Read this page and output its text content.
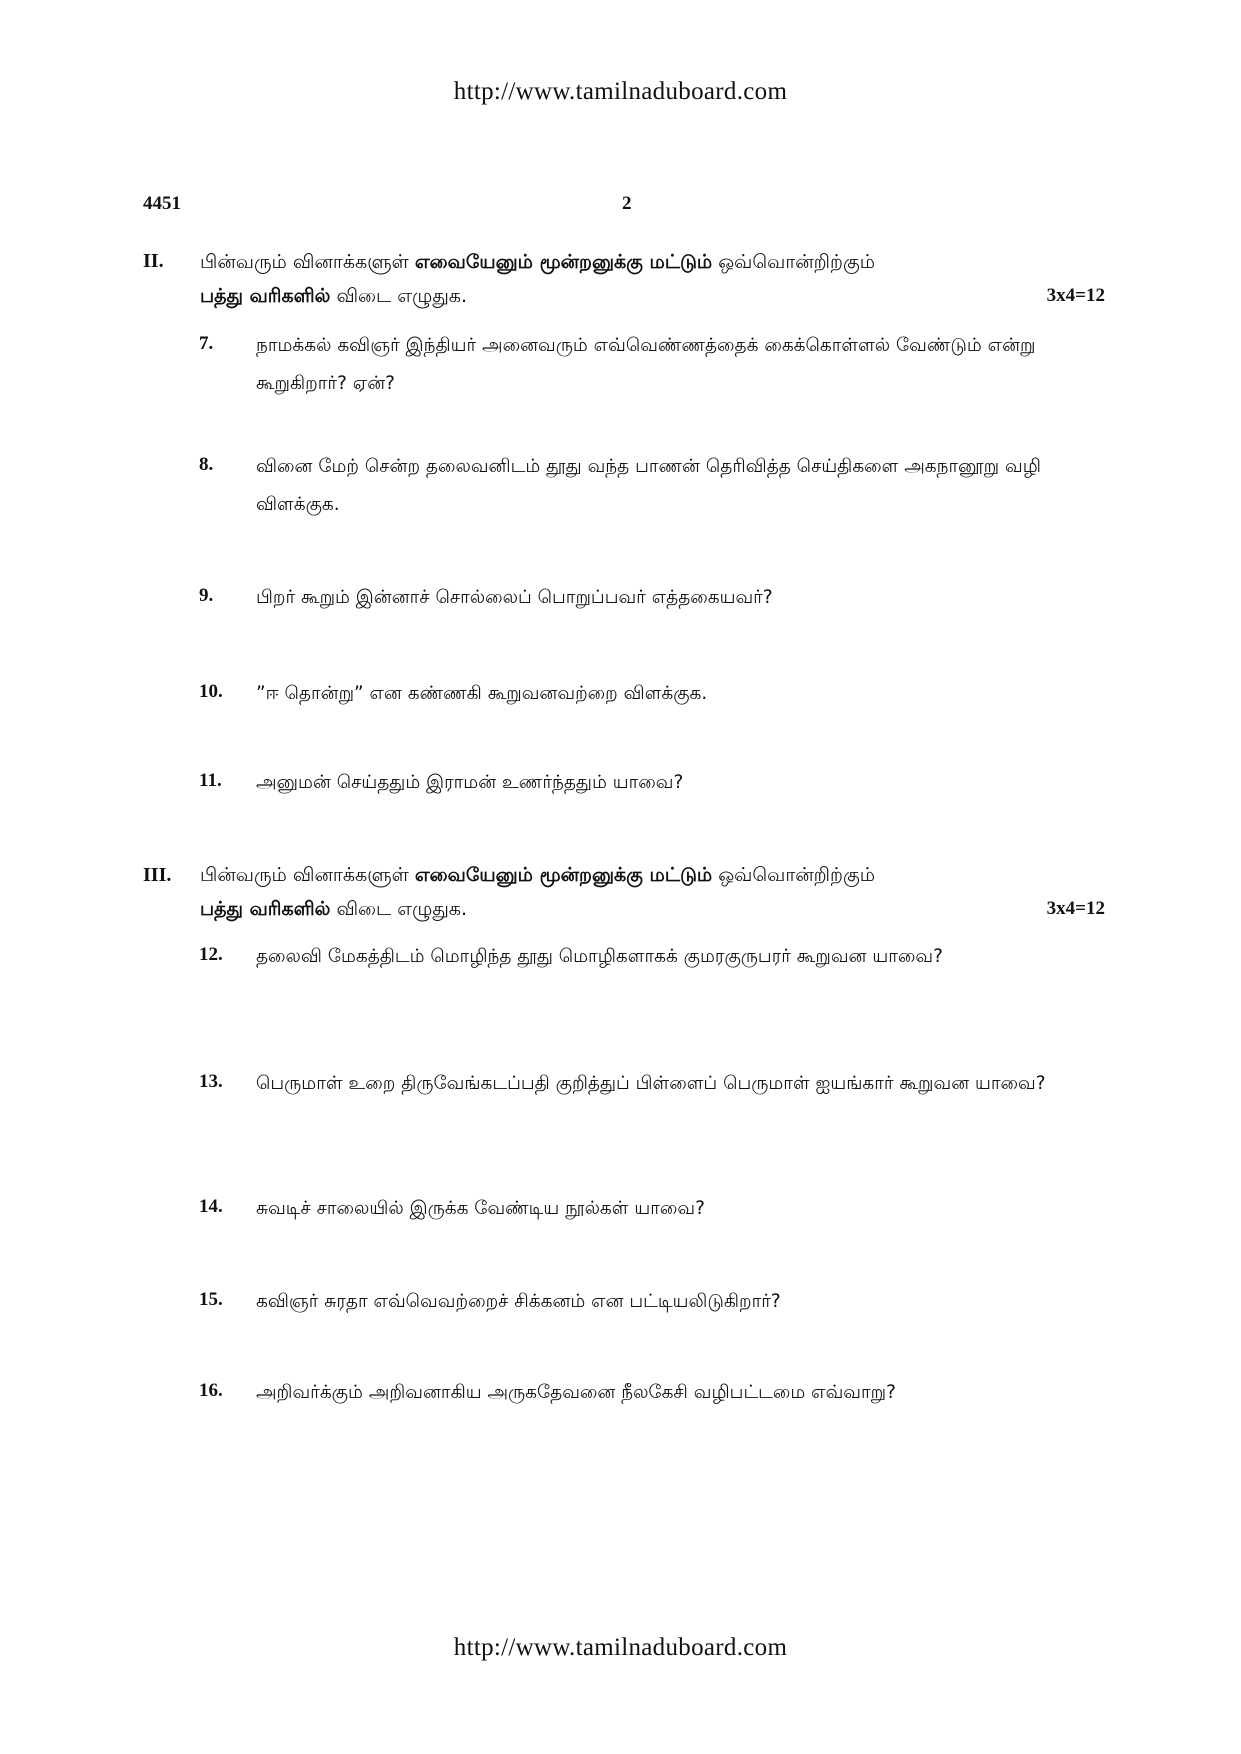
http://www.tamilnaduboard.com
4451	2
II. பின்வரும் வினாக்களுள் எவையேனும் மூன்றனுக்கு மட்டும் ஒவ்வொன்றிற்கும்
பத்து வரிகளில் விடை எழுதுக.	3x4=12
7. நாமக்கல் கவிஞர் இந்தியர் அனைவரும் எவ்வெண்ணத்தைக் கைக்கொள்ளல் வேண்டும் என்று கூறுகிறார்? ஏன்?
8. வினை மேற் சென்ற தலைவனிடம் தூது வந்த பாணன் தெரிவித்த செய்திகளை அகநானூறு வழி விளக்குக.
9. பிறர் கூறும் இன்னாச் சொல்லைப் பொறுப்பவர் எத்தகையவர்?
10. ”ஈ தொன்று” என கண்ணகி கூறுவனவற்றை விளக்குக.
11. அனுமன் செய்ததும் இராமன் உணர்ந்ததும் யாவை?
III. பின்வரும் வினாக்களுள் எவையேனும் மூன்றனுக்கு மட்டும் ஒவ்வொன்றிற்கும்
பத்து வரிகளில் விடை எழுதுக.	3x4=12
12. தலைவி மேகத்திடம் மொழிந்த தூது மொழிகளாகக் குமரகுருபரர் கூறுவன யாவை?
13. பெருமாள் உறை திருவேங்கடப்பதி குறித்துப் பிள்ளைப் பெருமாள் ஐயங்கார் கூறுவன யாவை?
14. சுவடிச் சாலையில் இருக்க வேண்டிய நூல்கள் யாவை?
15. கவிஞர் சுரதா எவ்வெவற்றைச் சிக்கனம் என பட்டியலிடுகிறார்?
16. அறிவர்க்கும் அறிவனாகிய அருகதேவனை நீலகேசி வழிபட்டமை எவ்வாறு?
http://www.tamilnaduboard.com
